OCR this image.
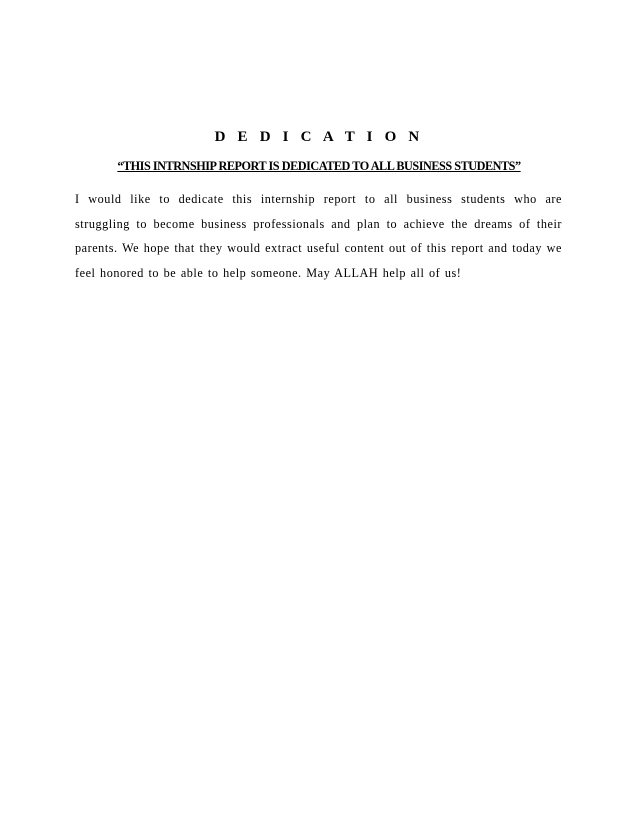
D E D I C A T I O N
“THIS INTRNSHIP REPORT IS DEDICATED TO ALL BUSINESS STUDENTS”

I would like to dedicate this internship report to all business students who are struggling to become business professionals and plan to achieve the dreams of their parents. We hope that they would extract useful content out of this report and today we feel honored to be able to help someone. May ALLAH help all of us!
